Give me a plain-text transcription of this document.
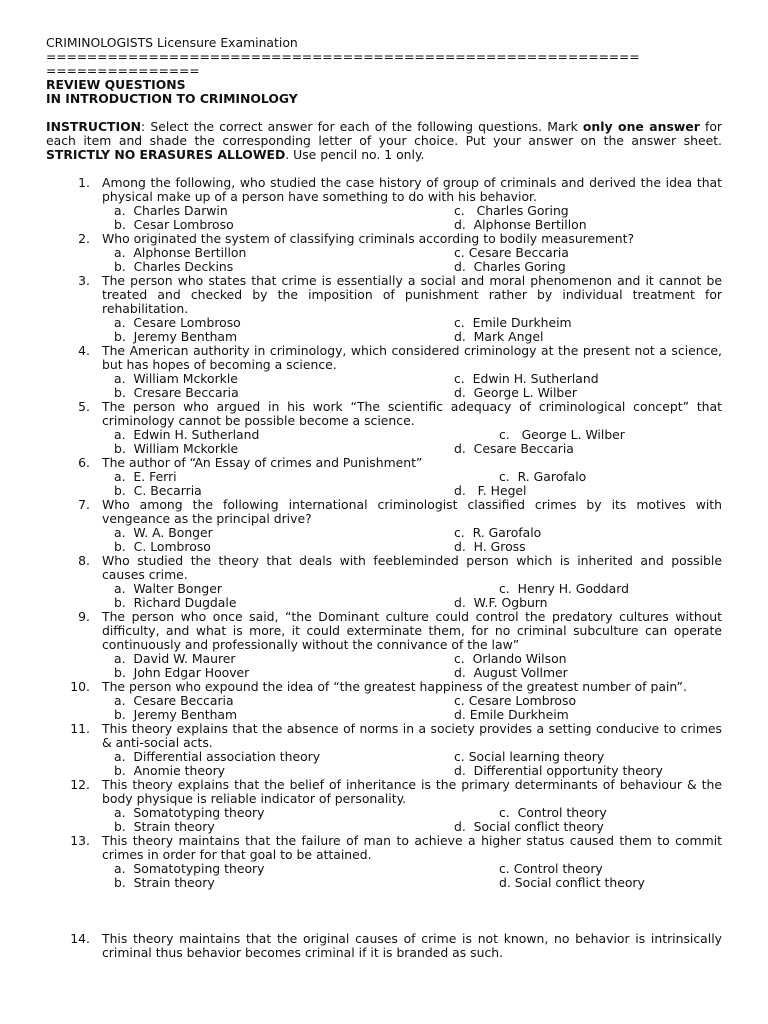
CRIMINOLOGISTS Licensure Examination
==========================================================
===============
REVIEW QUESTIONS
IN INTRODUCTION TO CRIMINOLOGY
INSTRUCTION: Select the correct answer for each of the following questions. Mark only one answer for each item and shade the corresponding letter of your choice. Put your answer on the answer sheet. STRICTLY NO ERASURES ALLOWED. Use pencil no. 1 only.
1. Among the following, who studied the case history of group of criminals and derived the idea that physical make up of a person have something to do with his behavior.
a.  Charles Darwin	c.   Charles Goring
b.  Cesar Lombroso	d.  Alphonse Bertillon
2. Who originated the system of classifying criminals according to bodily measurement?
a.  Alphonse Bertillon	c. Cesare Beccaria
b.  Charles Deckins	d.  Charles Goring
3. The person who states that crime is essentially a social and moral phenomenon and it cannot be treated and checked by the imposition of punishment rather by individual treatment for rehabilitation.
a.  Cesare Lombroso	c.  Emile Durkheim
b.  Jeremy Bentham	d.  Mark Angel
4. The American authority in criminology, which considered criminology at the present not a science, but has hopes of becoming a science.
a.  William Mckorkle	c.  Edwin H. Sutherland
b.  Cresare Beccaria	d.  George L. Wilber
5. The person who argued in his work “The scientific adequacy of criminological concept” that criminology cannot be possible become a science.
a.  Edwin H. Sutherland	c.   George L. Wilber
b.  William Mckorkle	d.  Cesare Beccaria
6. The author of “An Essay of crimes and Punishment”
a.  E. Ferri	c.  R. Garofalo
b.  C. Becarria	d.   F. Hegel
7. Who among the following international criminologist classified crimes by its motives with vengeance as the principal drive?
a.  W. A. Bonger	c.  R. Garofalo
b.  C. Lombroso	d.  H. Gross
8. Who studied the theory that deals with feebleminded person which is inherited and possible causes crime.
a.  Walter Bonger	c.  Henry H. Goddard
b.  Richard Dugdale	d.  W.F. Ogburn
9. The person who once said, “the Dominant culture could control the predatory cultures without difficulty, and what is more, it could exterminate them, for no criminal subculture can operate continuously and professionally without the connivance of the law”
a.  David W. Maurer	c.  Orlando Wilson
b.  John Edgar Hoover	d.  August Vollmer
10. The person who expound the idea of “the greatest happiness of the greatest number of pain”.
a.  Cesare Beccaria	c. Cesare Lombroso
b.  Jeremy Bentham	d. Emile Durkheim
11. This theory explains that the absence of norms in a society provides a setting conducive to crimes & anti-social acts.
a.  Differential association theory	c. Social learning theory
b.  Anomie theory	d.  Differential opportunity theory
12. This theory explains that the belief of inheritance is the primary determinants of behaviour & the body physique is reliable indicator of personality.
a.  Somatotyping theory	c.  Control theory
b.  Strain theory	d.  Social conflict theory
13. This theory maintains that the failure of man to achieve a higher status caused them to commit crimes in order for that goal to be attained.
a.  Somatotyping theory	c. Control theory
b.  Strain theory	d. Social conflict theory
14. This theory maintains that the original causes of crime is not known, no behavior is intrinsically criminal thus behavior becomes criminal if it is branded as such.
